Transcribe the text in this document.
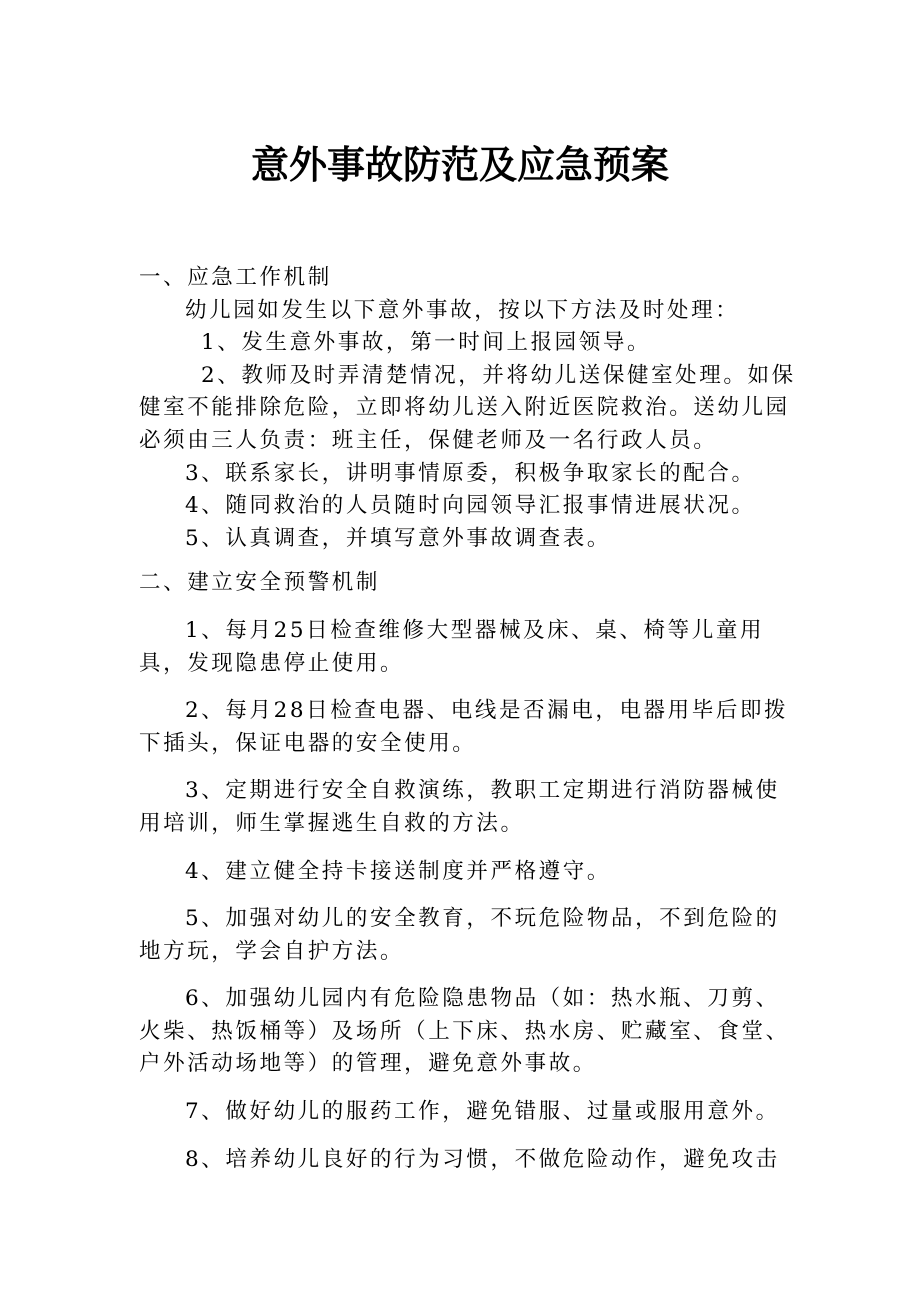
意外事故防范及应急预案

一、应急工作机制

幼儿园如发生以下意外事故，按以下方法及时处理：

1、发生意外事故，第一时间上报园领导。

2、教师及时弄清楚情况，并将幼儿送保健室处理。如保健室不能排除危险，立即将幼儿送入附近医院救治。送幼儿园必须由三人负责：班主任，保健老师及一名行政人员。

3、联系家长，讲明事情原委，积极争取家长的配合。

4、随同救治的人员随时向园领导汇报事情进展状况。

5、认真调查，并填写意外事故调查表。

二、建立安全预警机制

1、每月25日检查维修大型器械及床、桌、椅等儿童用具，发现隐患停止使用。

2、每月28日检查电器、电线是否漏电，电器用毕后即拨下插头，保证电器的安全使用。

3、定期进行安全自救演练，教职工定期进行消防器械使用培训，师生掌握逃生自救的方法。

4、建立健全持卡接送制度并严格遵守。

5、加强对幼儿的安全教育，不玩危险物品，不到危险的地方玩，学会自护方法。

6、加强幼儿园内有危险隐患物品（如：热水瓶、刀剪、火柴、热饭桶等）及场所（上下床、热水房、贮藏室、食堂、户外活动场地等）的管理，避免意外事故。

7、做好幼儿的服药工作，避免错服、过量或服用意外。

8、培养幼儿良好的行为习惯，不做危险动作，避免攻击
